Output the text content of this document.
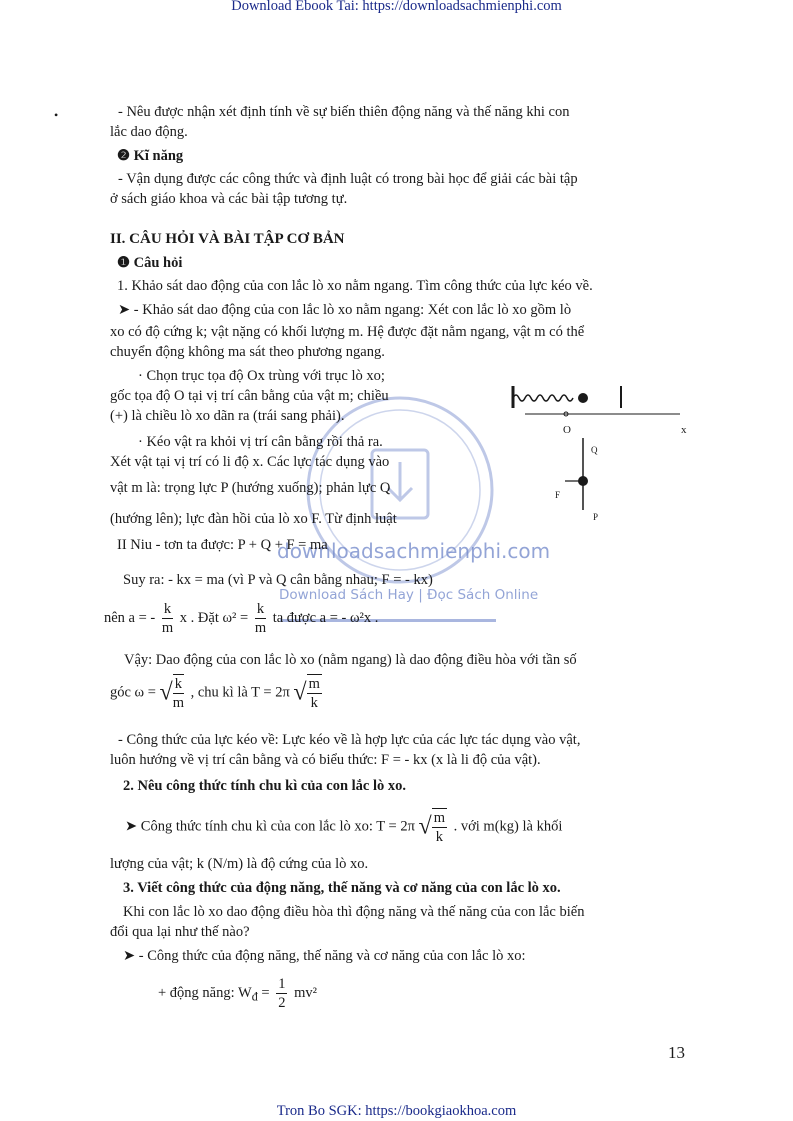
Download Ebook Tai: https://downloadsachmienphi.com
Tron Bo SGK: https://bookgiaokhoa.com
•
downloadsachmienphi.com
Download Sách Hay | Đọc Sách Online
- Nêu được nhận xét định tính về sự biến thiên động năng và thế năng khi con
lắc dao động.
❷ Kĩ năng
- Vận dụng được các công thức và định luật có trong bài học để giải các bài tập
ở sách giáo khoa và các bài tập tương tự.
II. CÂU HỎI VÀ BÀI TẬP CƠ BẢN
❶ Câu hỏi
1. Khảo sát dao động của con lắc lò xo nằm ngang. Tìm công thức của lực kéo về.
➤ - Khảo sát dao động của con lắc lò xo nằm ngang: Xét con lắc lò xo gồm lò
xo có độ cứng k; vật nặng có khối lượng m. Hệ được đặt nằm ngang, vật m có thể
chuyển động không ma sát theo phương ngang.
· Chọn trục tọa độ Ox trùng với trục lò xo;
gốc tọa độ O tại vị trí cân bằng của vật m; chiều
(+) là chiều lò xo dãn ra (trái sang phải).
· Kéo vật ra khỏi vị trí cân bằng rồi thả ra.
Xét vật tại vị trí có li độ x. Các lực tác dụng vào
vật m là: trọng lực P (hướng xuống); phản lực Q
(hướng lên); lực đàn hồi của lò xo F. Từ định luật
II Niu - tơn ta được: P + Q + F = ma
Suy ra: - kx = ma (vì P và Q cân bằng nhau; F = - kx)
O	x
Q
P
F
nên a = - $\frac{k}{m}$ x . Đặt $\omega^2 = \frac{k}{m}$ ta được a = - ω²x .
Vậy: Dao động của con lắc lò xo (nằm ngang) là dao động điều hòa với tần số
góc ω = √ $\frac{k}{m}$ , chu kì là T = 2π √ $\frac{m}{k}$
- Công thức của lực kéo về: Lực kéo về là hợp lực của các lực tác dụng vào vật,
luôn hướng về vị trí cân bằng và có biểu thức: F = - kx (x là li độ của vật).
2. Nêu công thức tính chu kì của con lắc lò xo.
➤ Công thức tính chu kì của con lắc lò xo: T = 2π √ $\frac{m}{k}$ . với m(kg) là khối
lượng của vật; k (N/m) là độ cứng của lò xo.
3. Viết công thức của động năng, thế năng và cơ năng của con lắc lò xo.
Khi con lắc lò xo dao động điều hòa thì động năng và thế năng của con lắc biến
đổi qua lại như thế nào?
➤ - Công thức của động năng, thế năng và cơ năng của con lắc lò xo:
+ động năng: $W_đ = \frac{1}{2} mv^2$
13
